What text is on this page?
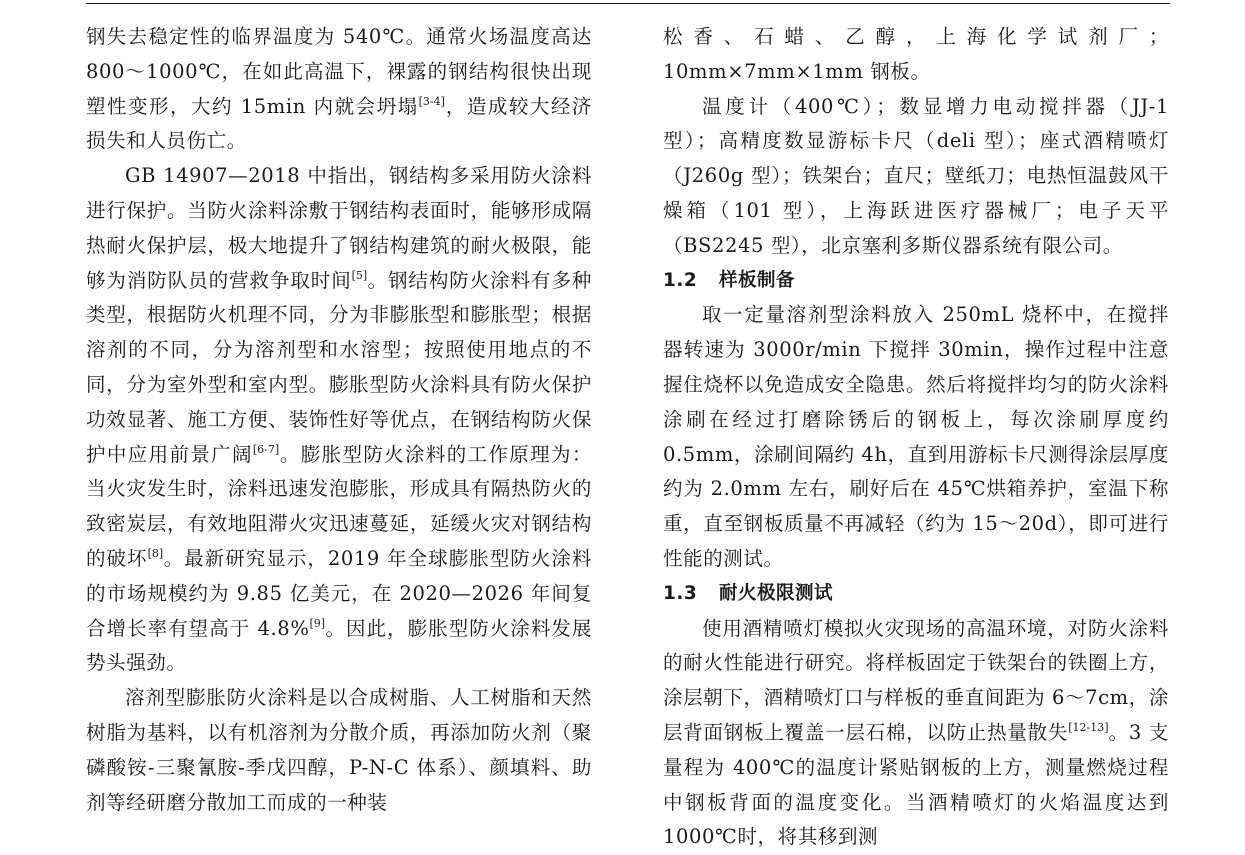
钢失去稳定性的临界温度为 540℃。通常火场温度高达 800～1000℃，在如此高温下，裸露的钢结构很快出现塑性变形，大约 15min 内就会坍塌[3-4]，造成较大经济损失和人员伤亡。

GB 14907—2018 中指出，钢结构多采用防火涂料进行保护。当防火涂料涂敷于钢结构表面时，能够形成隔热耐火保护层，极大地提升了钢结构建筑的耐火极限，能够为消防队员的营救争取时间[5]。钢结构防火涂料有多种类型，根据防火机理不同，分为非膨胀型和膨胀型；根据溶剂的不同，分为溶剂型和水溶型；按照使用地点的不同，分为室外型和室内型。膨胀型防火涂料具有防火保护功效显著、施工方便、装饰性好等优点，在钢结构防火保护中应用前景广阔[6-7]。膨胀型防火涂料的工作原理为：当火灾发生时，涂料迅速发泡膨胀，形成具有隔热防火的致密炭层，有效地阻滞火灾迅速蔓延，延缓火灾对钢结构的破坏[8]。最新研究显示，2019 年全球膨胀型防火涂料的市场规模约为 9.85 亿美元，在 2020—2026 年间复合增长率有望高于 4.8%[9]。因此，膨胀型防火涂料发展势头强劲。

溶剂型膨胀防火涂料是以合成树脂、人工树脂和天然树脂为基料，以有机溶剂为分散介质，再添加防火剂（聚磷酸铵-三聚氰胺-季戊四醇，P-N-C 体系）、颜填料、助剂等经研磨分散加工而成的一种装

松香、石蜡、乙醇，上海化学试剂厂；10mm×7mm×1mm 钢板。

温度计（400℃）；数显增力电动搅拌器（JJ-1 型）；高精度数显游标卡尺（deli 型）；座式酒精喷灯（J260g 型）；铁架台；直尺；壁纸刀；电热恒温鼓风干燥箱（101 型），上海跃进医疗器械厂；电子天平（BS2245 型），北京塞利多斯仪器系统有限公司。

1.2 样板制备

取一定量溶剂型涂料放入 250mL 烧杯中，在搅拌器转速为 3000r/min 下搅拌 30min，操作过程中注意握住烧杯以免造成安全隐患。然后将搅拌均匀的防火涂料涂刷在经过打磨除锈后的钢板上，每次涂刷厚度约 0.5mm，涂刷间隔约 4h，直到用游标卡尺测得涂层厚度约为 2.0mm 左右，刷好后在 45℃烘箱养护，室温下称重，直至钢板质量不再减轻（约为 15～20d），即可进行性能的测试。

1.3 耐火极限测试

使用酒精喷灯模拟火灾现场的高温环境，对防火涂料的耐火性能进行研究。将样板固定于铁架台的铁圈上方，涂层朝下，酒精喷灯口与样板的垂直间距为 6～7cm，涂层背面钢板上覆盖一层石棉，以防止热量散失[12-13]。3 支量程为 400℃的温度计紧贴钢板的上方，测量燃烧过程中钢板背面的温度变化。当酒精喷灯的火焰温度达到 1000℃时，将其移到测
